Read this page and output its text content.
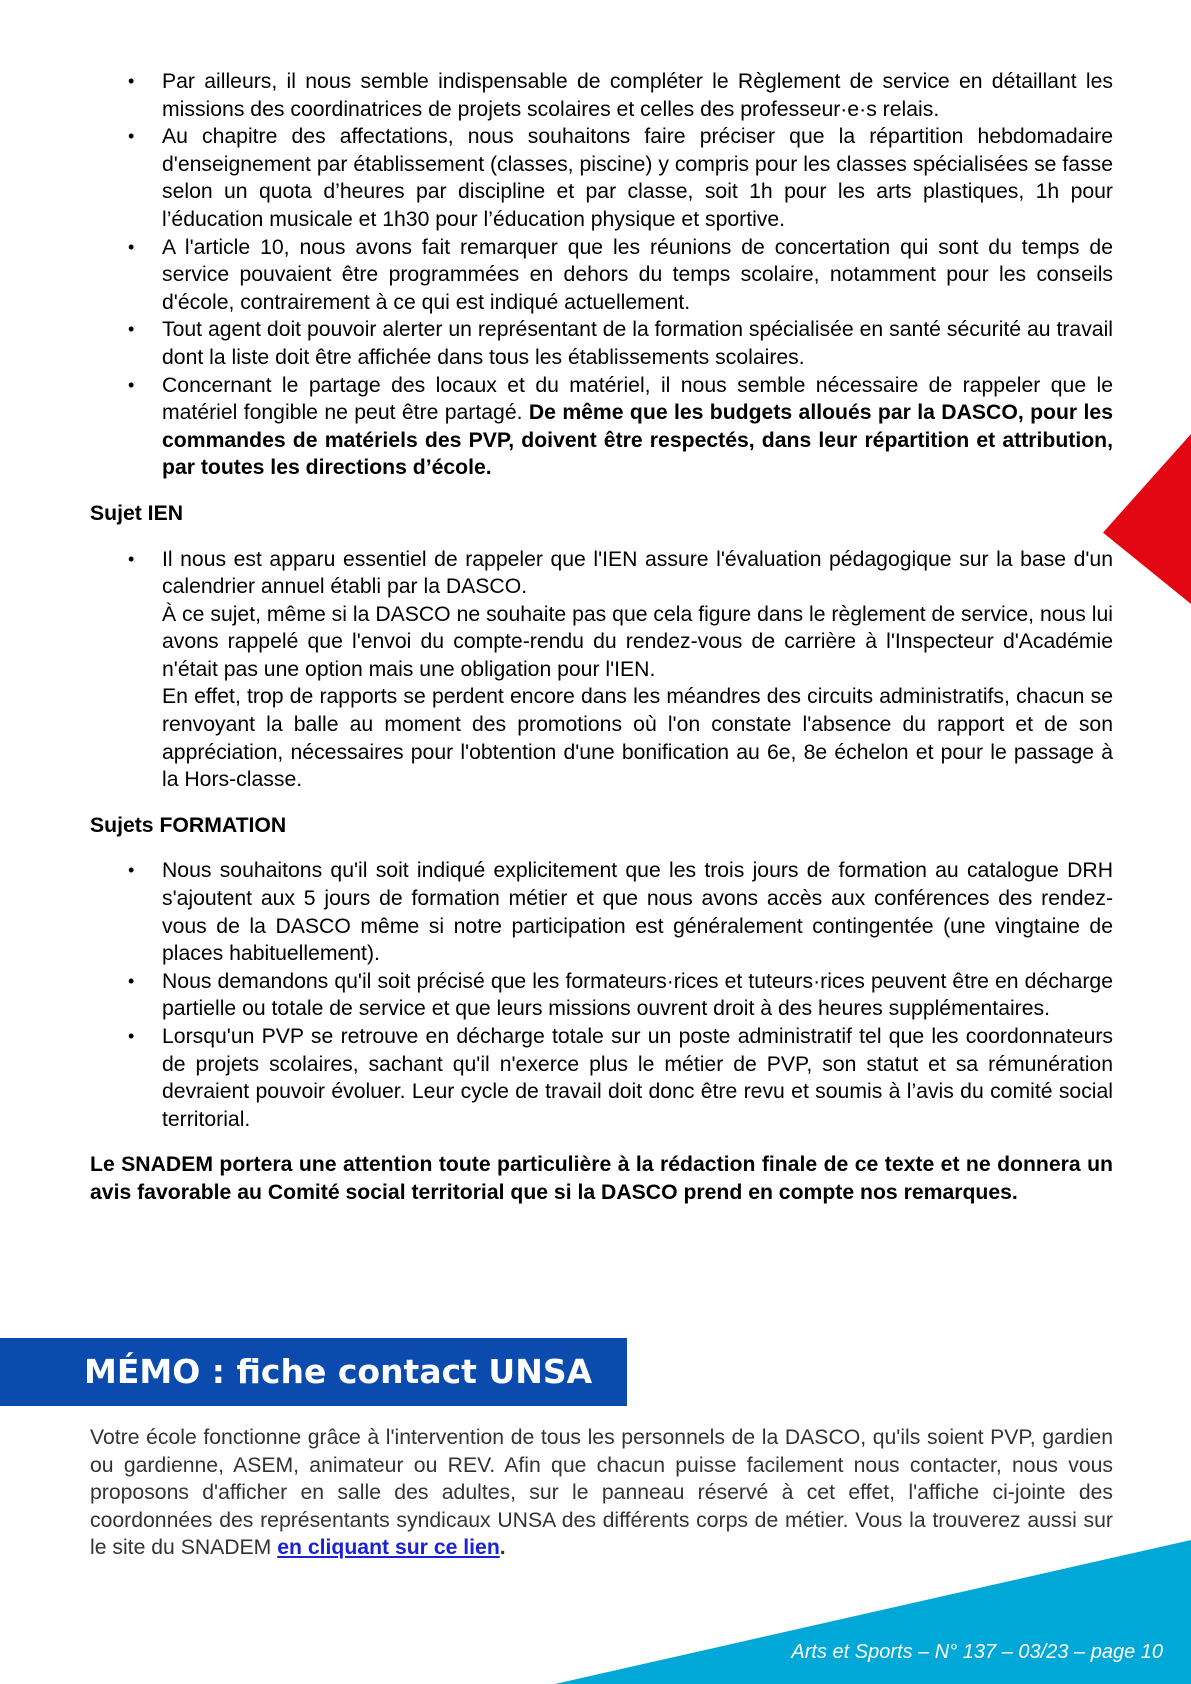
• Par ailleurs, il nous semble indispensable de compléter le Règlement de service en détaillant les missions des coordinatrices de projets scolaires et celles des professeur·e·s relais.
• Au chapitre des affectations, nous souhaitons faire préciser que la répartition hebdomadaire d'enseignement par établissement (classes, piscine) y compris pour les classes spécialisées se fasse selon un quota d’heures par discipline et par classe, soit 1h pour les arts plastiques, 1h pour l’éducation musicale et 1h30 pour l’éducation physique et sportive.
• A l'article 10, nous avons fait remarquer que les réunions de concertation qui sont du temps de service pouvaient être programmées en dehors du temps scolaire, notamment pour les conseils d'école, contrairement à ce qui est indiqué actuellement.
• Tout agent doit pouvoir alerter un représentant de la formation spécialisée en santé sécurité au travail dont la liste doit être affichée dans tous les établissements scolaires.
• Concernant le partage des locaux et du matériel, il nous semble nécessaire de rappeler que le matériel fongible ne peut être partagé. De même que les budgets alloués par la DASCO, pour les commandes de matériels des PVP, doivent être respectés, dans leur répartition et attribution, par toutes les directions d’école.
Sujet IEN

• Il nous est apparu essentiel de rappeler que l'IEN assure l'évaluation pédagogique sur la base d'un calendrier annuel établi par la DASCO.

À ce sujet, même si la DASCO ne souhaite pas que cela figure dans le règlement de service, nous lui avons rappelé que l'envoi du compte-rendu du rendez-vous de carrière à l'Inspecteur d'Académie n'était pas une option mais une obligation pour l'IEN.

En effet, trop de rapports se perdent encore dans les méandres des circuits administratifs, chacun se renvoyant la balle au moment des promotions où l'on constate l'absence du rapport et de son appréciation, nécessaires pour l'obtention d'une bonification au 6e, 8e échelon et pour le passage à la Hors-classe.

Sujets FORMATION
• Nous souhaitons qu'il soit indiqué explicitement que les trois jours de formation au catalogue DRH s'ajoutent aux 5 jours de formation métier et que nous avons accès aux conférences des rendez-vous de la DASCO même si notre participation est généralement contingentée (une vingtaine de places habituellement).
• Nous demandons qu'il soit précisé que les formateurs·rices et tuteurs·rices peuvent être en décharge partielle ou totale de service et que leurs missions ouvrent droit à des heures supplémentaires.
• Lorsqu'un PVP se retrouve en décharge totale sur un poste administratif tel que les coordonnateurs de projets scolaires, sachant qu'il n'exerce plus le métier de PVP, son statut et sa rémunération devraient pouvoir évoluer. Leur cycle de travail doit donc être revu et soumis à l’avis du comité social territorial.
Le SNADEM portera une attention toute particulière à la rédaction finale de ce texte et ne donnera un avis favorable au Comité social territorial que si la DASCO prend en compte nos remarques.
MÉMO : fiche contact UNSA
Votre école fonctionne grâce à l'intervention de tous les personnels de la DASCO, qu'ils soient PVP, gardien ou gardienne, ASEM, animateur ou REV. Afin que chacun puisse facilement nous contacter, nous vous proposons d'afficher en salle des adultes, sur le panneau réservé à cet effet, l'affiche ci-jointe des coordonnées des représentants syndicaux UNSA des différents corps de métier. Vous la trouverez aussi sur le site du SNADEM en cliquant sur ce lien.
Arts et Sports – N° 137 – 03/23 – page 10
